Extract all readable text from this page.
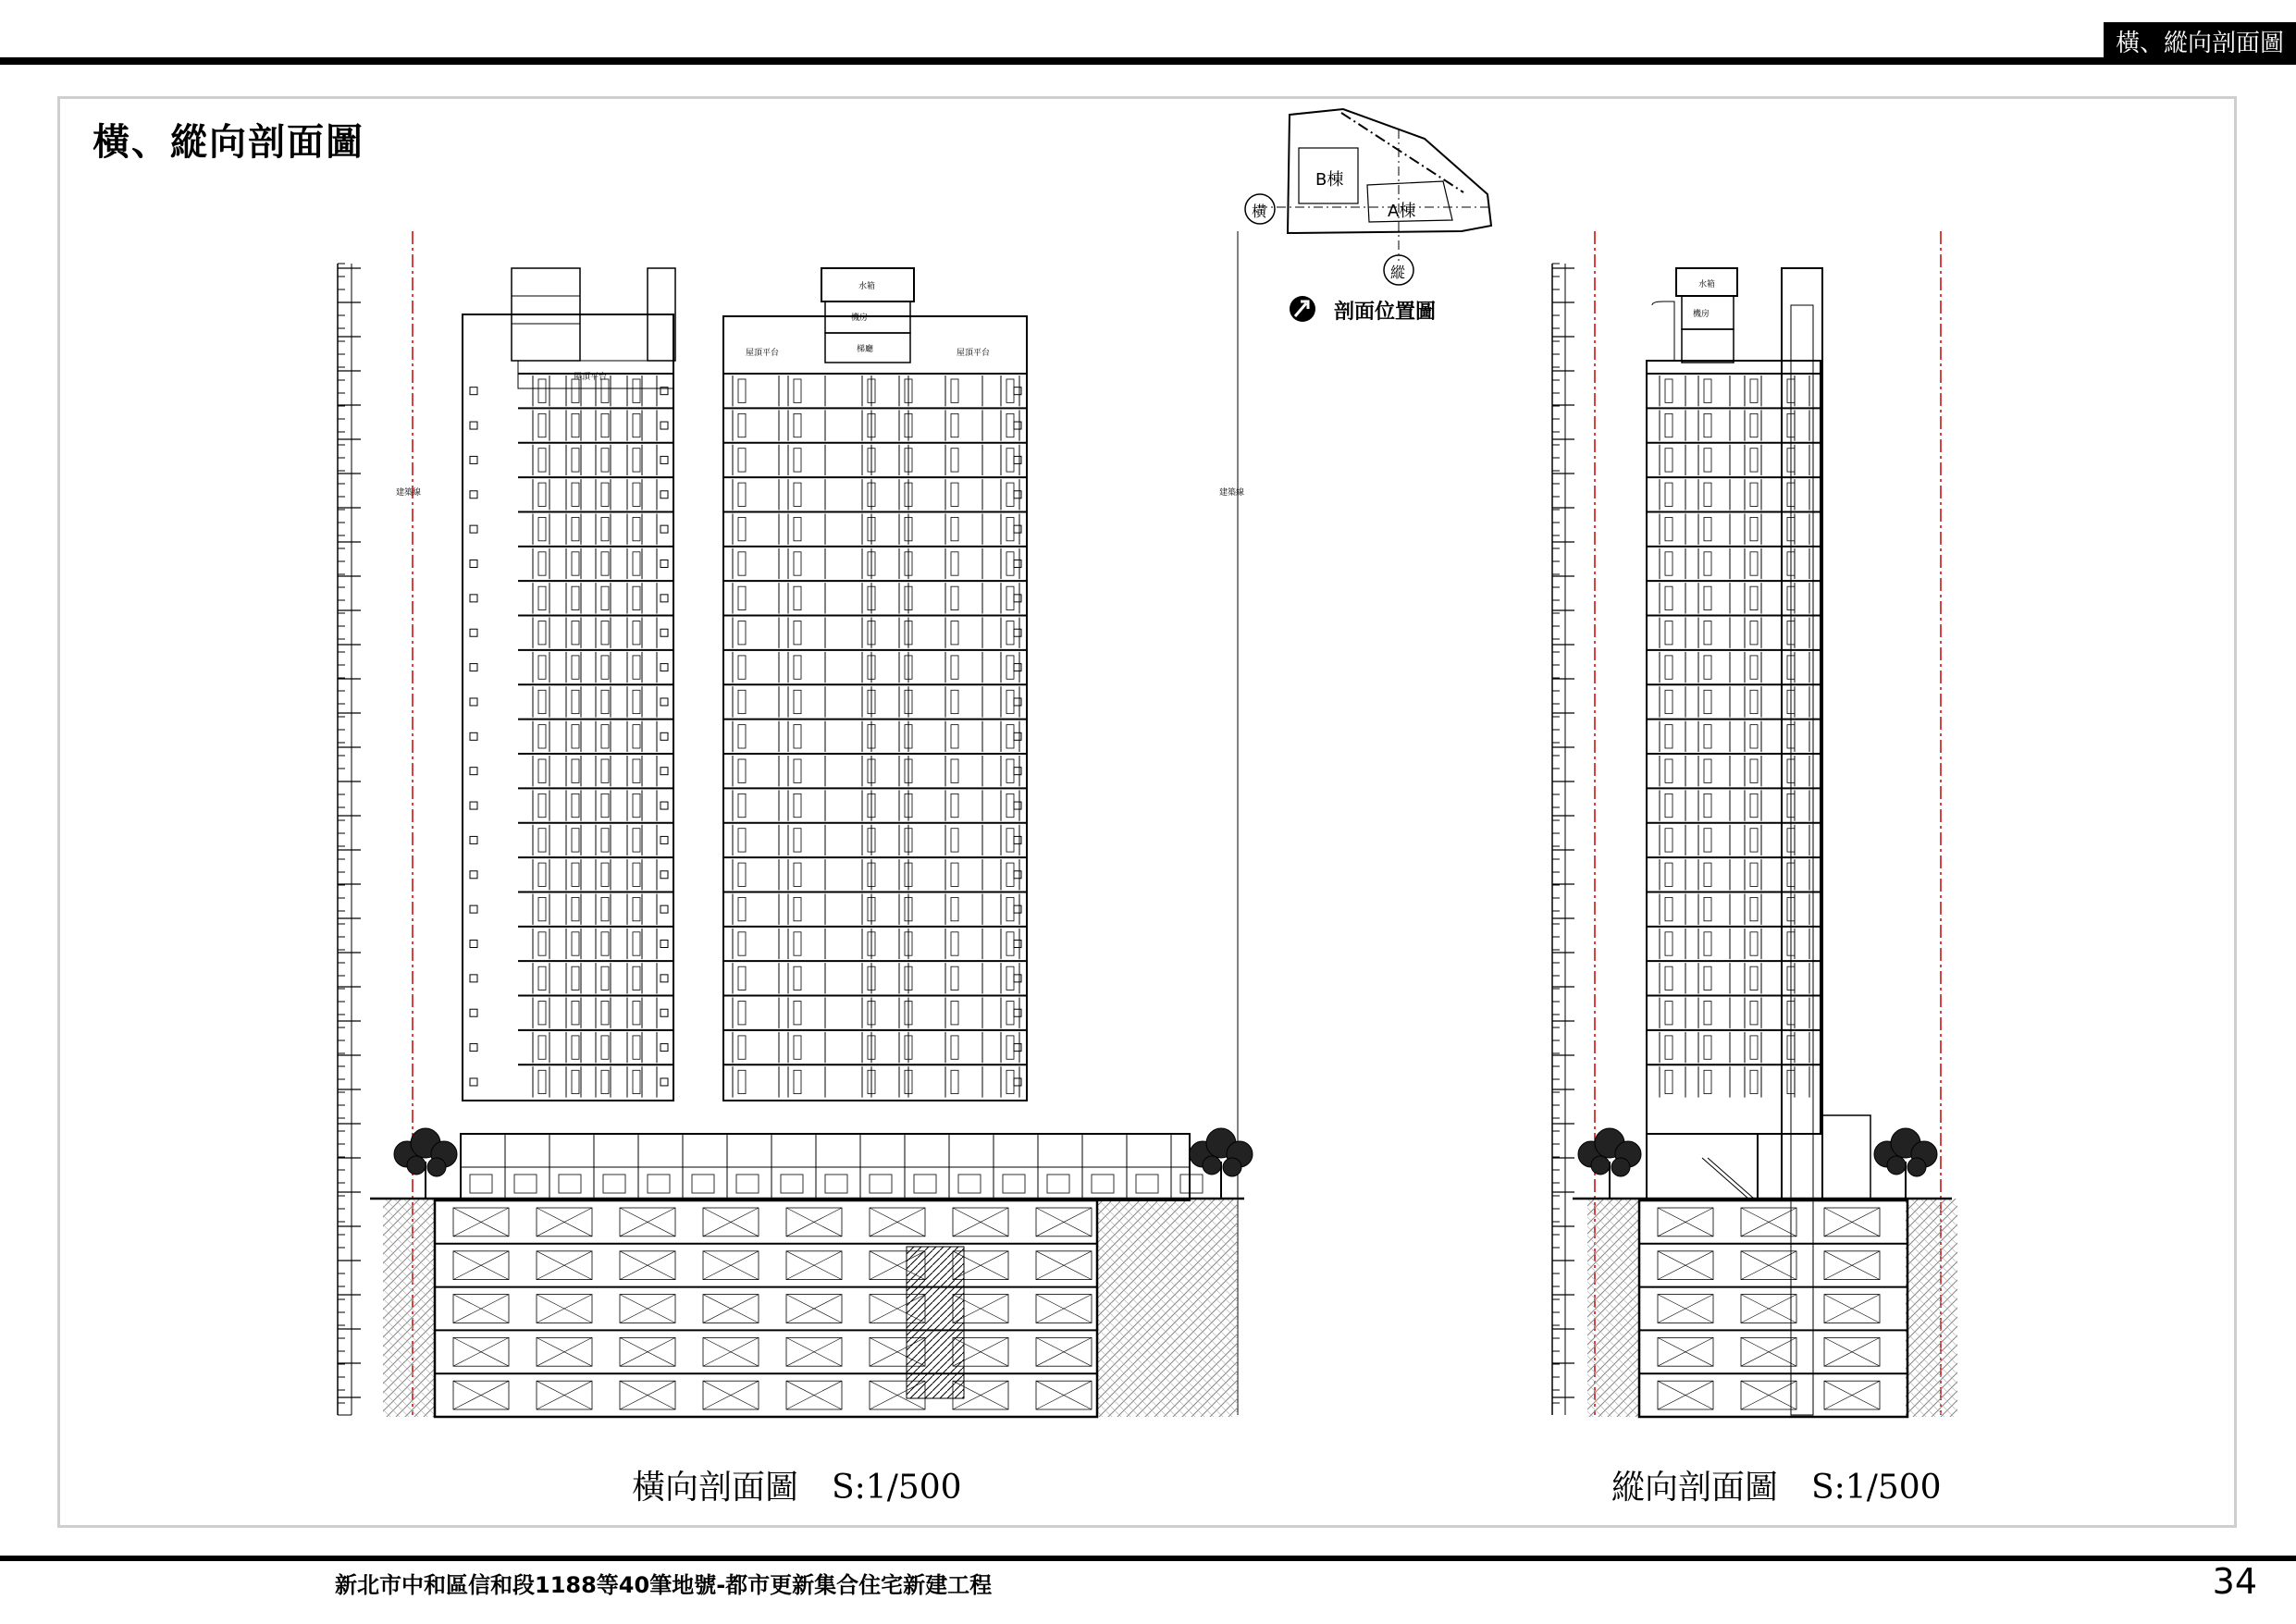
橫、縱向剖面圖
橫、縱向剖面圖
建築線	建築線
屋頂平台
水箱
機房
梯廳
屋頂平台	屋頂平台
水箱
機房
B棟
A棟
橫
縱
剖面位置圖
橫向剖面圖　S:1/500	縱向剖面圖　S:1/500
新北市中和區信和段1188等40筆地號-都市更新集合住宅新建工程	34
